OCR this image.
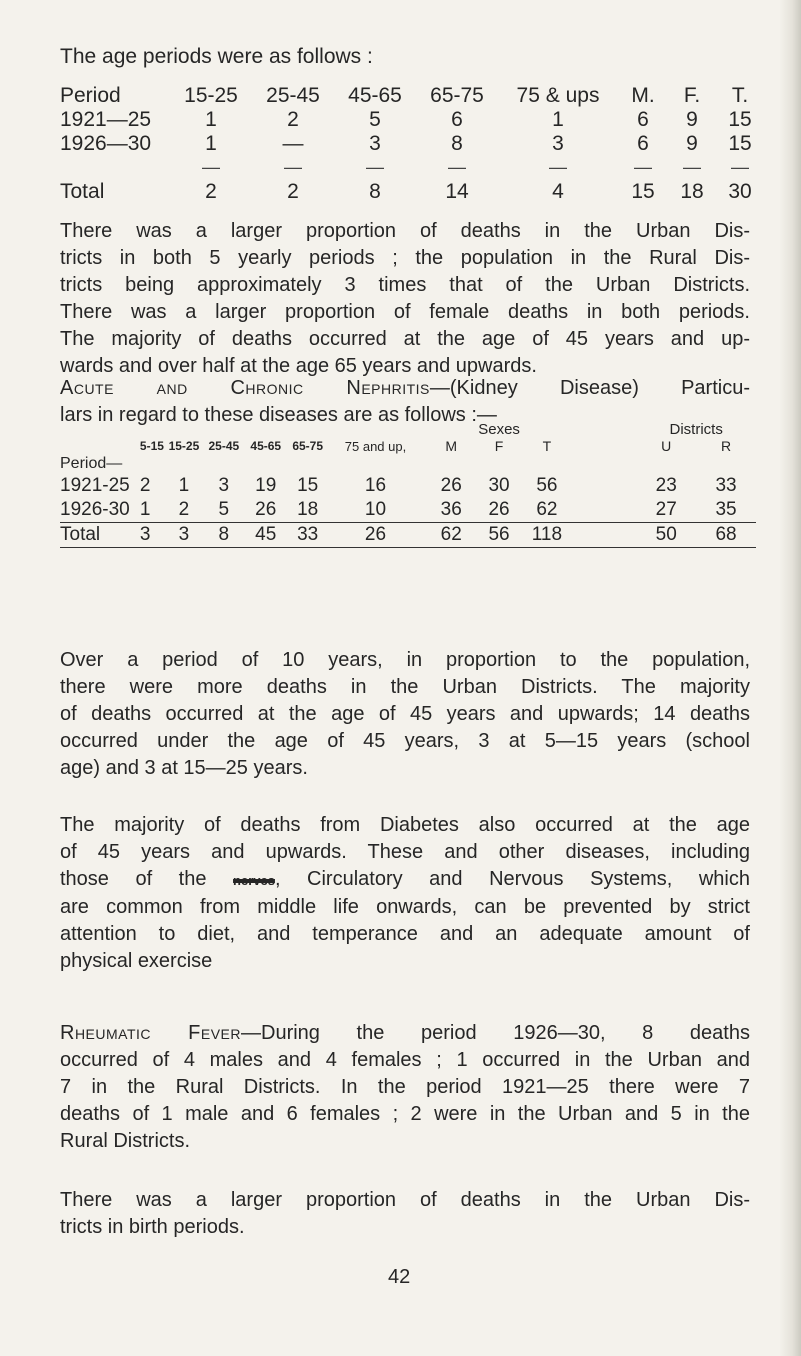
The age periods were as follows :
Period	15-25	25-45	45-65	65-75	75 & ups	M.	F.	T.
1921—25	1	2	5	6	1	6	9	15
1926—30	1	—	3	8	3	6	9	15
	—	—	—	—	—	—	—	—
Total	2	2	8	14	4	15	18	30
There was a larger proportion of deaths in the Urban Dis-
tricts in both 5 yearly periods ; the population in the Rural Dis-
tricts being approximately 3 times that of the Urban Districts.
There was a larger proportion of female deaths in both periods.
The majority of deaths occurred at the age of 45 years and up-
wards and over half at the age 65 years and upwards.
Acute and Chronic Nephritis—(Kidney Disease) Particu-
lars in regard to these diseases are as follows :—
							Sexes				Districts	
	5-15	15-25	25-45	45-65	65-75	75 and up,	M	F	T		U	R
Period—												
1921-25	2	1	3	19	15	16	26	30	56		23	33
1926-30	1	2	5	26	18	10	36	26	62		27	35
Total	3	3	8	45	33	26	62	56	118		50	68
Over a period of 10 years, in proportion to the population,
there were more deaths in the Urban Districts. The majority
of deaths occurred at the age of 45 years and upwards; 14 deaths
occurred under the age of 45 years, 3 at 5—15 years (school
age) and 3 at 15—25 years.
The majority of deaths from Diabetes also occurred at the age
of 45 years and upwards. These and other diseases, including
those of the nerves, Circulatory and Nervous Systems, which
are common from middle life onwards, can be prevented by strict
attention to diet, and temperance and an adequate amount of
physical exercise
Rheumatic Fever—During the period 1926—30, 8 deaths
occurred of 4 males and 4 females ; 1 occurred in the Urban and
7 in the Rural Districts. In the period 1921—25 there were 7
deaths of 1 male and 6 females ; 2 were in the Urban and 5 in the
Rural Districts.
There was a larger proportion of deaths in the Urban Dis-
tricts in birth periods.
42
